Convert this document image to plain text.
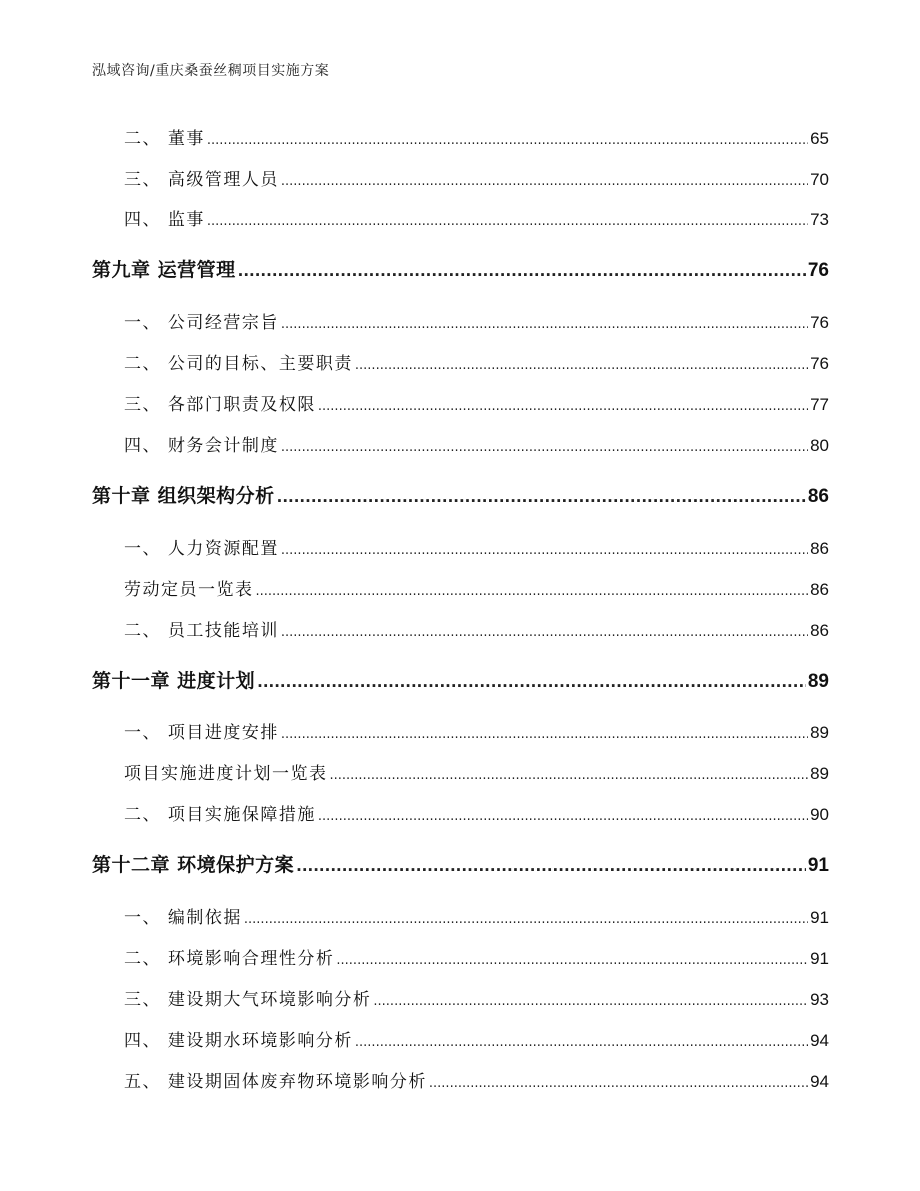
泓域咨询/重庆桑蚕丝稠项目实施方案
二、 董事 .....	65
三、 高级管理人员 .....	70
四、 监事 .....	73
第九章 运营管理 .....	76
一、 公司经营宗旨 .....	76
二、 公司的目标、主要职责 .....	76
三、 各部门职责及权限 .....	77
四、 财务会计制度 .....	80
第十章 组织架构分析 .....	86
一、 人力资源配置 .....	86
劳动定员一览表 .....	86
二、 员工技能培训 .....	86
第十一章 进度计划 .....	89
一、 项目进度安排 .....	89
项目实施进度计划一览表 .....	89
二、 项目实施保障措施 .....	90
第十二章 环境保护方案 .....	91
一、 编制依据 .....	91
二、 环境影响合理性分析 .....	91
三、 建设期大气环境影响分析 .....	93
四、 建设期水环境影响分析 .....	94
五、 建设期固体废弃物环境影响分析 .....	94
